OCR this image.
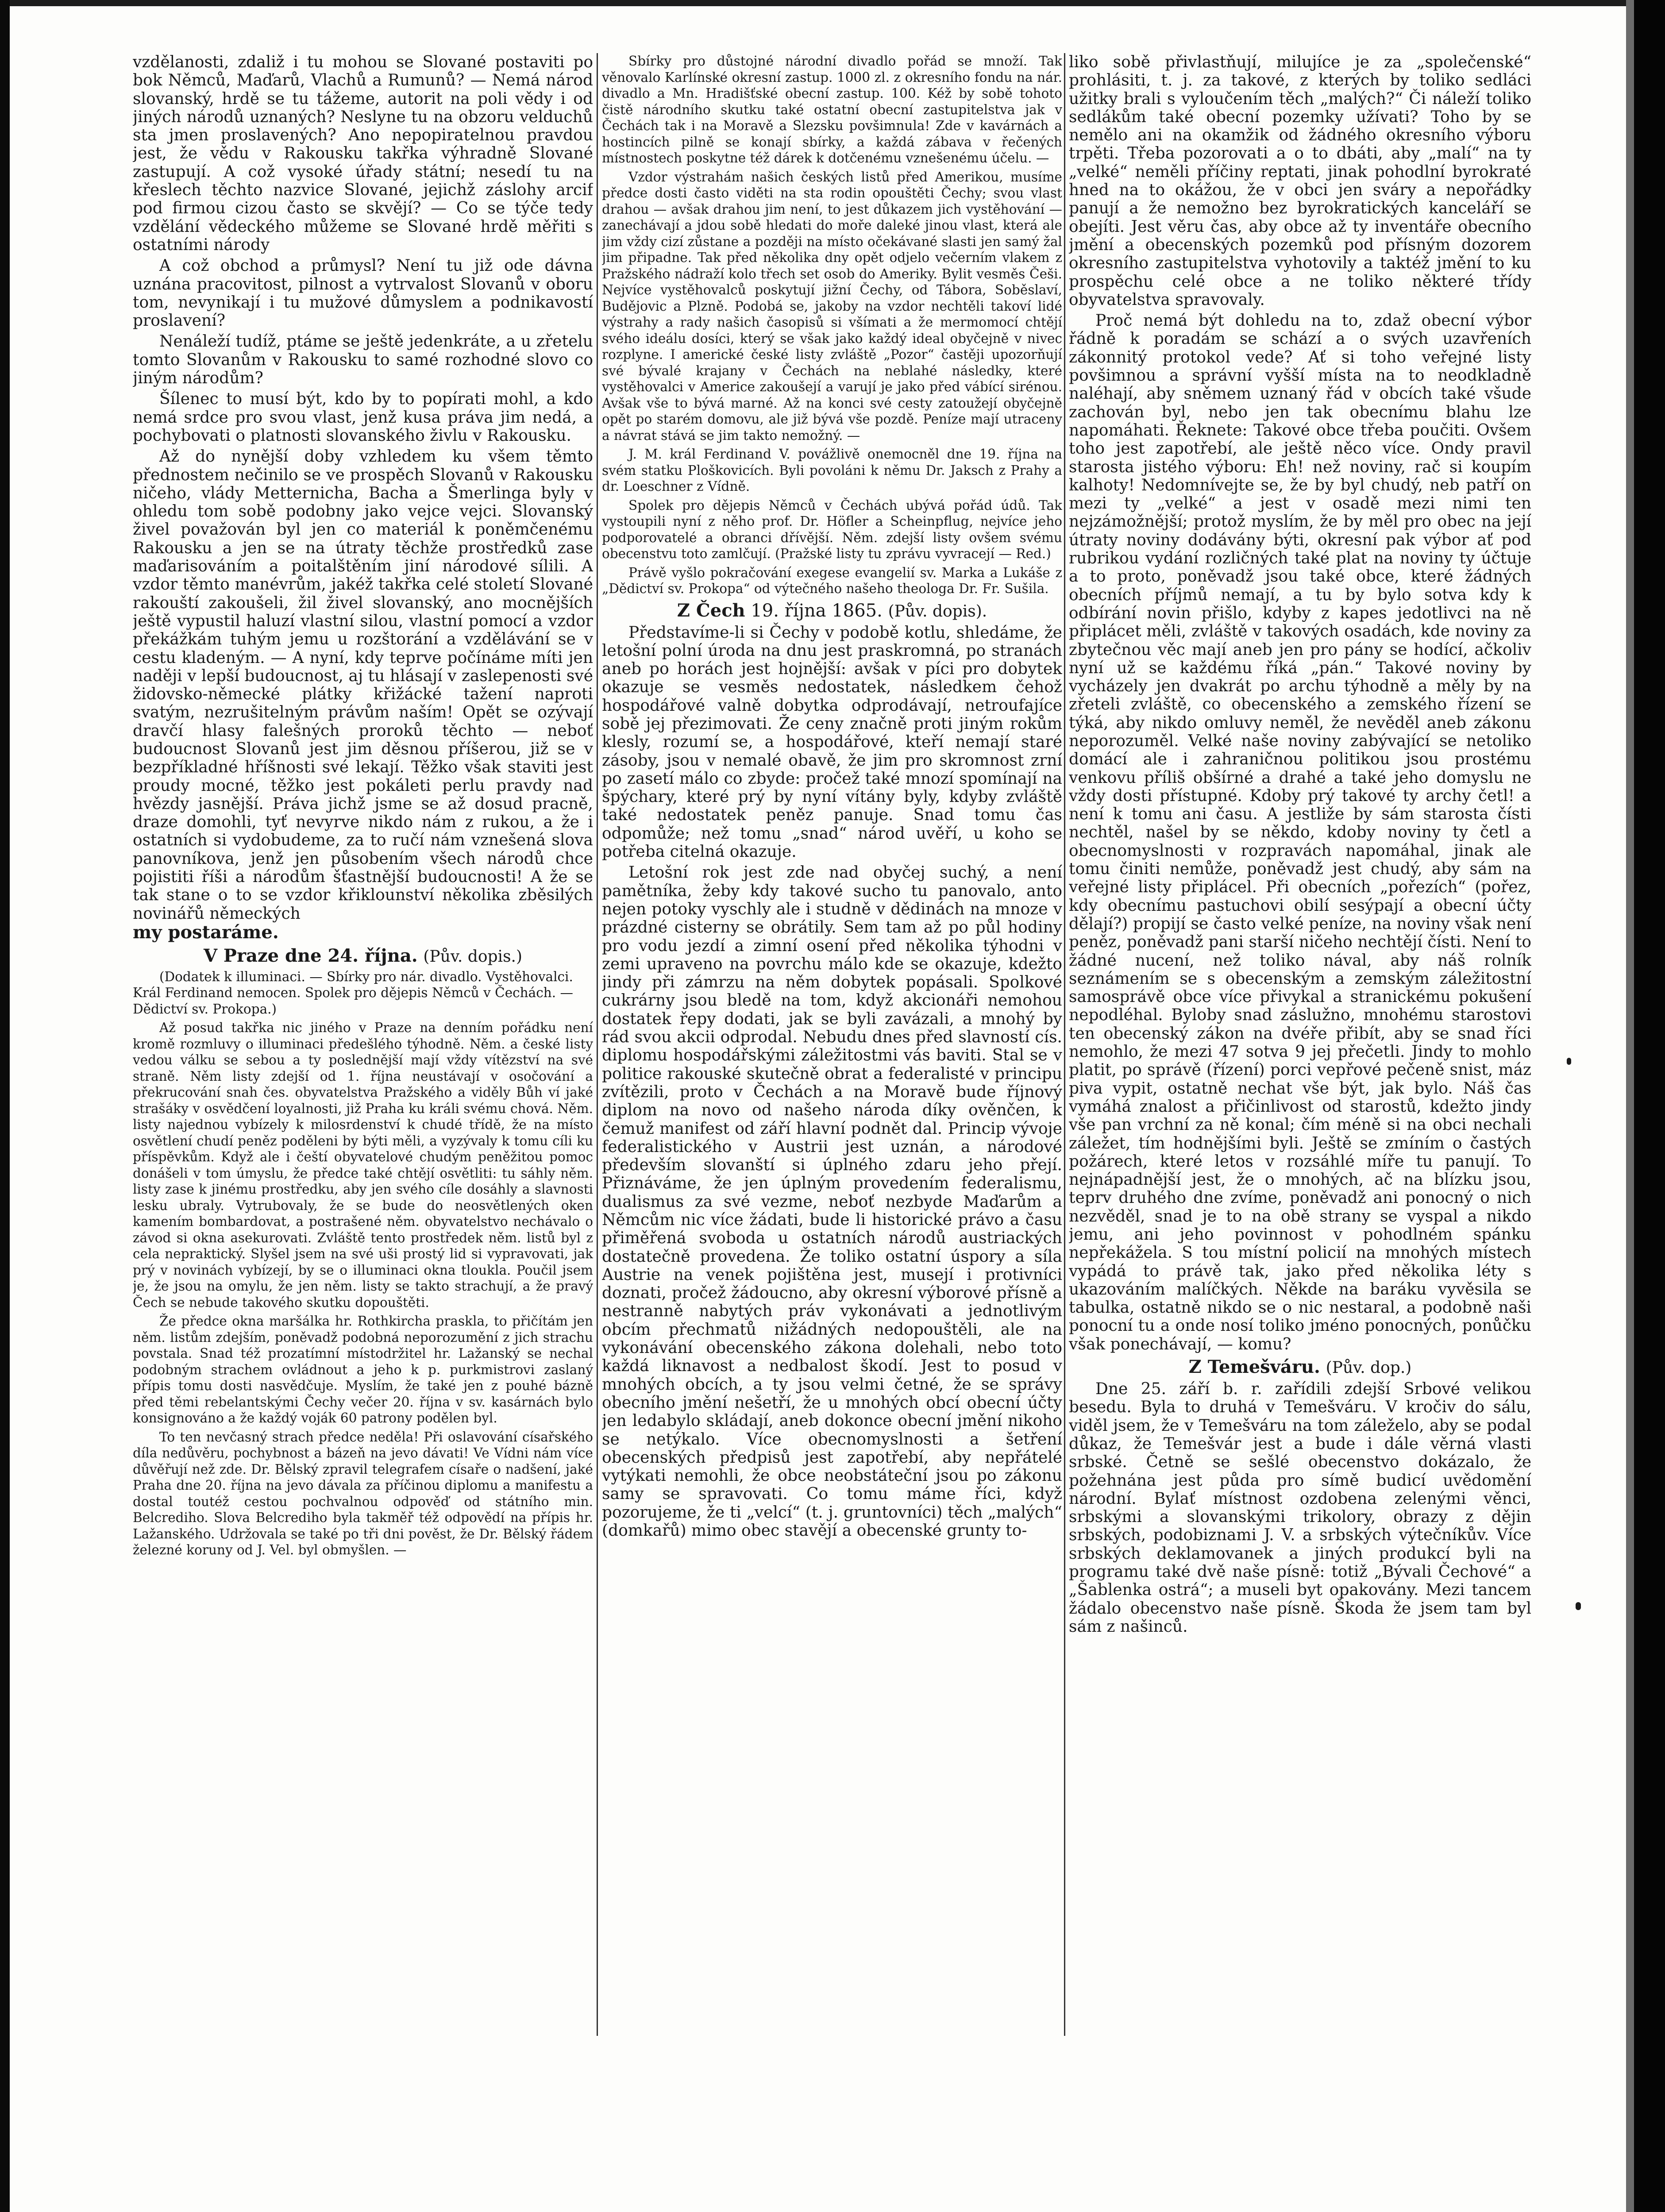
vzdělanosti, zdaliž i tu mohou se Slované postaviti po bok Němců, Maďarů, Vlachů a Rumunů? — Nemá národ slovanský, hrdě se tu tážeme, autorit na poli vědy i od jiných národů uznaných? Neslyne tu na obzoru velduchů sta jmen proslavených? Ano nepopiratelnou pravdou jest, že vědu v Rakousku takřka výhradně Slované zastupují. A což vysoké úřady státní; nesedí tu na křeslech těchto nazvice Slované, jejichž záslohy arcif pod firmou cizou často se skvějí? — Co se týče tedy vzdělání vědeckého můžeme se Slované hrdě měřiti s ostatními národy

A což obchod a průmysl? Není tu již ode dávna uznána pracovitost, pilnost a vytrvalost Slovanů v oboru tom, nevynikají i tu mužové důmyslem a podnikavostí proslavení?

Nenáleží tudíž, ptáme se ještě jedenkráte, a u zřetelu tomto Slovanům v Rakousku to samé rozhodné slovo co jiným národům?

Šílenec to musí být, kdo by to popírati mohl, a kdo nemá srdce pro svou vlast, jenž kusa práva jim nedá, a pochybovati o platnosti slovanského živlu v Rakousku.

Až do nynější doby vzhledem ku všem těmto přednostem nečinilo se ve prospěch Slovanů v Rakousku ničeho, vlády Metternicha, Bacha a Šmerlinga byly v ohledu tom sobě podobny jako vejce vejci. Slovanský živel považován byl jen co materiál k poněmčenému Rakousku a jen se na útraty těchže prostředků zase maďarisováním a poitalštěním jiní národové sílili. A vzdor těmto manévrům, jakéž takřka celé století Slované rakouští zakoušeli, žil živel slovanský, ano mocnějších ještě vypustil haluzí vlastní silou, vlastní pomocí a vzdor překážkám tuhým jemu u rozštorání a vzdělávání se v cestu kladeným. — A nyní, kdy teprve počínáme míti jen naději v lepší budoucnost, aj tu hlásají v zaslepenosti své židovsko-německé plátky křižácké tažení naproti svatým, nezrušitelným právům naším! Opět se ozývají dravčí hlasy falešných proroků těchto — neboť budoucnost Slovanů jest jim děsnou příšerou, již se v bezpříkladné hříšnosti své lekají. Těžko však staviti jest proudy mocné, těžko jest pokáleti perlu pravdy nad hvězdy jasnější. Práva jichž jsme se až dosud pracně, draze domohli, tyť nevyrve nikdo nám z rukou, a že i ostatních si vydobudeme, za to ručí nám vznešená slova panovníkova, jenž jen působením všech národů chce pojistiti říši a národům šťastnější budoucnosti! A že se tak stane o to se vzdor křiklounství několika zběsilých novinářů německých

my postaráme.

V Praze dne 24. října. (Pův. dopis.)

(Dodatek k illuminaci. — Sbírky pro nár. divadlo. Vystěhovalci. Král Ferdinand nemocen. Spolek pro dějepis Němců v Čechách. — Dědictví sv. Prokopa.)

Až posud takřka nic jiného v Praze na denním pořádku není kromě rozmluvy o illuminaci předešlého týhodně. Něm. a české listy vedou válku se sebou a ty poslednější mají vždy vítězství na své straně. Něm listy zdejší od 1. října neustávají v osočování a překrucování snah čes. obyvatelstva Pražského a viděly Bůh ví jaké strašáky v osvědčení loyalnosti, již Praha ku králi svému chová. Něm. listy najednou vybízely k milosrdenství k chudé třídě, že na místo osvětlení chudí peněz poděleni by býti měli, a vyzývaly k tomu cíli ku příspěvkům. Když ale i čeští obyvatelové chudým peněžitou pomoc donášeli v tom úmyslu, že předce také chtějí osvětliti: tu sáhly něm. listy zase k jinému prostředku, aby jen svého cíle dosáhly a slavnosti lesku ubraly. Vytrubovaly, že se bude do neosvětlených oken kamením bombardovat, a postrašené něm. obyvatelstvo nechávalo o závod si okna asekurovati. Zvláště tento prostředek něm. listů byl z cela nepraktický. Slyšel jsem na své uši prostý lid si vypravovati, jak prý v novinách vybízejí, by se o illuminaci okna tloukla. Poučil jsem je, že jsou na omylu, že jen něm. listy se takto strachují, a že pravý Čech se nebude takového skutku dopouštěti.

Že předce okna maršálka hr. Rothkircha praskla, to přičítám jen něm. listům zdejším, poněvadž podobná neporozumění z jich strachu povstala. Snad též prozatímní místodržitel hr. Lažanský se nechal podobným strachem ovládnout a jeho k p. purkmistrovi zaslaný přípis tomu dosti nasvědčuje. Myslím, že také jen z pouhé bázně před těmi rebelantskými Čechy večer 20. října v sv. kasárnách bylo konsignováno a že každý voják 60 patrony podělen byl.

To ten nevčasný strach předce neděla! Při oslavování císařského díla nedůvěru, pochybnost a bázeň na jevo dávati! Ve Vídni nám více důvěřují než zde. Dr. Bělský zpravil telegrafem císaře o nadšení, jaké Praha dne 20. října na jevo dávala za příčinou diplomu a manifestu a dostal toutéž cestou pochvalnou odpověď od státního min. Belcrediho. Slova Belcrediho byla takměř též odpovědí na přípis hr. Lažanského. Udržovala se také po tři dni pověst, že Dr. Bělský řádem železné koruny od J. Vel. byl obmyšlen. —

Sbírky pro důstojné národní divadlo pořád se množí. Tak věnovalo Karlínské okresní zastup. 1000 zl. z okresního fondu na nár. divadlo a Mn. Hradišťské obecní zastup. 100. Kéž by sobě tohoto čistě národního skutku také ostatní obecní zastupitelstva jak v Čechách tak i na Moravě a Slezsku povšimnula! Zde v kavárnách a hostincích pilně se konají sbírky, a každá zábava v řečených místnostech poskytne též dárek k dotčenému vznešenému účelu. —

Vzdor výstrahám našich českých listů před Amerikou, musíme předce dosti často viděti na sta rodin opouštěti Čechy; svou vlast drahou — avšak drahou jim není, to jest důkazem jich vystěhování — zanechávají a jdou sobě hledati do moře daleké jinou vlast, která ale jim vždy cizí zůstane a později na místo očekávané slasti jen samý žal jim připadne. Tak před několika dny opět odjelo večerním vlakem z Pražského nádraží kolo třech set osob do Ameriky. Bylit vesměs Češi. Nejvíce vystěhovalců poskytují jižní Čechy, od Tábora, Soběslaví, Budějovic a Plzně. Podobá se, jakoby na vzdor nechtěli takoví lidé výstrahy a rady našich časopisů si všímati a že mermomocí chtějí svého ideálu dosíci, který se však jako každý ideal obyčejně v nivec rozplyne. I americké české listy zvláště „Pozor“ častěji upozorňují své bývalé krajany v Čechách na neblahé následky, které vystěhovalci v Americe zakoušejí a varují je jako před vábící sirénou. Avšak vše to bývá marné. Až na konci své cesty zatoužejí obyčejně opět po starém domovu, ale již bývá vše pozdě. Peníze mají utraceny a návrat stává se jim takto nemožný. —

J. M. král Ferdinand V. povážlivě onemocněl dne 19. října na svém statku Ploškovicích. Byli povoláni k němu Dr. Jaksch z Prahy a dr. Loeschner z Vídně.

Spolek pro dějepis Němců v Čechách ubývá pořád údů. Tak vystoupili nyní z něho prof. Dr. Höfler a Scheinpflug, nejvíce jeho podporovatelé a obranci dřívější. Něm. zdejší listy ovšem svému obecenstvu toto zamlčují. (Pražské listy tu zprávu vyvracejí — Red.)

Právě vyšlo pokračování exegese evangelií sv. Marka a Lukáše z „Dědictví sv. Prokopa“ od výtečného našeho theologa Dr. Fr. Sušila.

Z Čech 19. října 1865. (Pův. dopis).

Představíme-li si Čechy v podobě kotlu, shledáme, že letošní polní úroda na dnu jest praskromná, po stranách aneb po horách jest hojnější: avšak v píci pro dobytek okazuje se vesměs nedostatek, následkem čehož hospodářové valně dobytka odprodávají, netroufajíce sobě jej přezimovati. Že ceny značně proti jiným rokům klesly, rozumí se, a hospodářové, kteří nemají staré zásoby, jsou v nemalé obavě, že jim pro skromnost zrní po zasetí málo co zbyde: pročež také mnozí spomínají na špýchary, které prý by nyní vítány byly, kdyby zvláště také nedostatek peněz panuje. Snad tomu čas odpomůže; než tomu „snad“ národ uvěří, u koho se potřeba citelná okazuje.

Letošní rok jest zde nad obyčej suchý, a není pamětníka, žeby kdy takové sucho tu panovalo, anto nejen potoky vyschly ale i studně v dědinách na mnoze v prázdné cisterny se obrátily. Sem tam až po půl hodiny pro vodu jezdí a zimní osení před několika týhodni v zemi upraveno na povrchu málo kde se okazuje, kdežto jindy při zámrzu na něm dobytek popásali. Spolkové cukrárny jsou bledě na tom, když akcionáři nemohou dostatek řepy dodati, jak se byli zavázali, a mnohý by rád svou akcii odprodal. Nebudu dnes před slavností cís. diplomu hospodářskými záležitostmi vás baviti. Stal se v politice rakouské skutečně obrat a federalisté v principu zvítězili, proto v Čechách a na Moravě bude říjnový diplom na novo od našeho národa díky ověnčen, k čemuž manifest od září hlavní podnět dal. Princip vývoje federalistického v Austrii jest uznán, a národové především slovanští si úplného zdaru jeho přejí. Přiznáváme, že jen úplným provedením federalismu, dualismus za své vezme, neboť nezbyde Maďarům a Němcům nic více žádati, bude li historické právo a času přiměřená svoboda u ostatních národů austriackých dostatečně provedena. Že toliko ostatní úspory a síla Austrie na venek pojištěna jest, musejí i protivníci doznati, pročež žádoucno, aby okresní výborové přísně a nestranně nabytých práv vykonávati a jednotlivým obcím přechmatů nižádných nedopouštěli, ale na vykonávání obecenského zákona dolehali, nebo toto každá liknavost a nedbalost škodí. Jest to posud v mnohých obcích, a ty jsou velmi četné, že se správy obecního jmění nešetří, že u mnohých obcí obecní účty jen ledabylo skládají, aneb dokonce obecní jmění nikoho se netýkalo. Více obecnomyslnosti a šetření obecenských předpisů jest zapotřebí, aby nepřátelé vytýkati nemohli, že obce neobstáteční jsou po zákonu samy se spravovati. Co tomu máme říci, když pozorujeme, že ti „velcí“ (t. j. gruntovníci) těch „malých“ (domkařů) mimo obec stavějí a obecenské grunty to-

liko sobě přivlastňují, milujíce je za „společenské“ prohlásiti, t. j. za takové, z kterých by toliko sedláci užitky brali s vyloučením těch „malých?“ Či náleží toliko sedlákům také obecní pozemky užívati? Toho by se nemělo ani na okamžik od žádného okresního výboru trpěti. Třeba pozorovati a o to dbáti, aby „malí“ na ty „velké“ neměli příčiny reptati, jinak pohodlní byrokraté hned na to okážou, že v obci jen sváry a nepořádky panují a že nemožno bez byrokratických kanceláří se obejíti. Jest věru čas, aby obce až ty inventáře obecního jmění a obecenských pozemků pod přísným dozorem okresního zastupitelstva vyhotovily a taktéž jmění to ku prospěchu celé obce a ne toliko některé třídy obyvatelstva spravovaly.

Proč nemá být dohledu na to, zdaž obecní výbor řádně k poradám se schází a o svých uzavřeních zákonnitý protokol vede? Ať si toho veřejné listy povšimnou a správní vyšší místa na to neodkladně naléhají, aby sněmem uznaný řád v obcích také všude zachován byl, nebo jen tak obecnímu blahu lze napomáhati. Řeknete: Takové obce třeba poučiti. Ovšem toho jest zapotřebí, ale ještě něco více. Ondy pravil starosta jistého výboru: Eh! než noviny, rač si koupím kalhoty! Nedomnívejte se, že by byl chudý, neb patří on mezi ty „velké“ a jest v osadě mezi nimi ten nejzámožnější; protož myslím, že by měl pro obec na její útraty noviny dodávány býti, okresní pak výbor ať pod rubrikou vydání rozličných také plat na noviny ty účtuje a to proto, poněvadž jsou také obce, které žádných obecních příjmů nemají, a tu by bylo sotva kdy k odbírání novin přišlo, kdyby z kapes jedotlivci na ně připlácet měli, zvláště v takových osadách, kde noviny za zbytečnou věc mají aneb jen pro pány se hodící, ačkoliv nyní už se každému říká „pán.“ Takové noviny by vycházely jen dvakrát po archu týhodně a měly by na zřeteli zvláště, co obecenského a zemského řízení se týká, aby nikdo omluvy neměl, že nevěděl aneb zákonu neporozuměl. Velké naše noviny zabývající se netoliko domácí ale i zahraničnou politikou jsou prostému venkovu příliš obšírné a drahé a také jeho domyslu ne vždy dosti přístupné. Kdoby prý takové ty archy četl! a není k tomu ani času. A jestliže by sám starosta čísti nechtěl, našel by se někdo, kdoby noviny ty četl a obecnomyslnosti v rozpravách napomáhal, jinak ale tomu činiti nemůže, poněvadž jest chudý, aby sám na veřejné listy připlácel. Při obecních „pořezích“ (pořez, kdy obecnímu pastuchovi obilí sesýpají a obecní účty dělají?) propijí se často velké peníze, na noviny však není peněz, poněvadž pani starší ničeho nechtějí čísti. Není to žádné nucení, než toliko nával, aby náš rolník seznámením se s obecenským a zemským záležitostní samosprávě obce více přivykal a stranickému pokušení nepodléhal. Byloby snad záslužno, mnohému starostovi ten obecenský zákon na dvéře přibít, aby se snad říci nemohlo, že mezi 47 sotva 9 jej přečetli. Jindy to mohlo platit, po správě (řízení) porci vepřové pečeně snist, máz piva vypit, ostatně nechat vše být, jak bylo. Náš čas vymáhá znalost a přičinlivost od starostů, kdežto jindy vše pan vrchní za ně konal; čím méně si na obci nechali záležet, tím hodnějšími byli. Ještě se zmíním o častých požárech, které letos v rozsáhlé míře tu panují. To nejnápadnější jest, že o mnohých, ač na blízku jsou, teprv druhého dne zvíme, poněvadž ani ponocný o nich nezvěděl, snad je to na obě strany se vyspal a nikdo jemu, ani jeho povinnost v pohodlném spánku nepřekážela. S tou místní policií na mnohých místech vypádá to právě tak, jako před několika léty s ukazováním malíčkých. Někde na baráku vyvěsila se tabulka, ostatně nikdo se o nic nestaral, a podobně naši ponocní tu a onde nosí toliko jméno ponocných, ponůčku však ponechávají, — komu?

Z Temešváru. (Pův. dop.)

Dne 25. září b. r. zařídili zdejší Srbové velikou besedu. Byla to druhá v Temešváru. V kročiv do sálu, viděl jsem, že v Temešváru na tom záleželo, aby se podal důkaz, že Temešvár jest a bude i dále věrná vlasti srbské. Četně se sešlé obecenstvo dokázalo, že požehnána jest půda pro símě budicí uvědomění národní. Bylať místnost ozdobena zelenými věnci, srbskými a slovanskými trikolory, obrazy z dějin srbských, podobiznami J. V. a srbských výtečníkův. Více srbských deklamovanek a jiných produkcí byli na programu také dvě naše písně: totiž „Bývali Čechové“ a „Šablenka ostrá“; a museli byt opakovány. Mezi tancem žádalo obecenstvo naše písně. Škoda že jsem tam byl sám z našinců.
